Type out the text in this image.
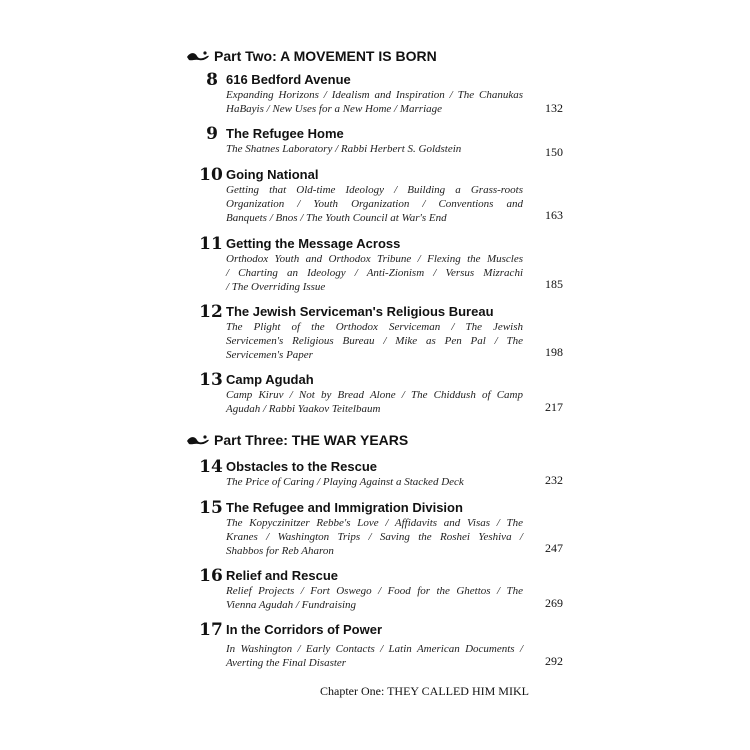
Part Two: A MOVEMENT IS BORN
8 616 Bedford Avenue
Expanding Horizons / Idealism and Inspiration / The Chanukas
HaBayis / New Uses for a New Home / Marriage	132
9 The Refugee Home
The Shatnes Laboratory / Rabbi Herbert S. Goldstein	150
10 Going National
Getting that Old-time Ideology / Building a Grass-roots
Organization / Youth Organization / Conventions and
Banquets / Bnos / The Youth Council at War's End	163
11 Getting the Message Across
Orthodox Youth and Orthodox Tribune / Flexing the Muscles
/ Charting an Ideology / Anti-Zionism / Versus Mizrachi
/ The Overriding Issue	185
12 The Jewish Serviceman's Religious Bureau
The Plight of the Orthodox Serviceman / The Jewish
Servicemen's Religious Bureau / Mike as Pen Pal / The
Servicemen's Paper	198
13 Camp Agudah
Camp Kiruv / Not by Bread Alone / The Chiddush of Camp
Agudah / Rabbi Yaakov Teitelbaum	217
Part Three: THE WAR YEARS
14 Obstacles to the Rescue
The Price of Caring / Playing Against a Stacked Deck	232
15 The Refugee and Immigration Division
The Kopyczinitzer Rebbe's Love / Affidavits and Visas / The
Kranes / Washington Trips / Saving the Roshei Yeshiva /
Shabbos for Reb Aharon	247
16 Relief and Rescue
Relief Projects / Fort Oswego / Food for the Ghettos / The
Vienna Agudah / Fundraising	269
17 In the Corridors of Power
In Washington / Early Contacts / Latin American Documents /
Averting the Final Disaster	292
Chapter One: THEY CALLED HIM MIKL
